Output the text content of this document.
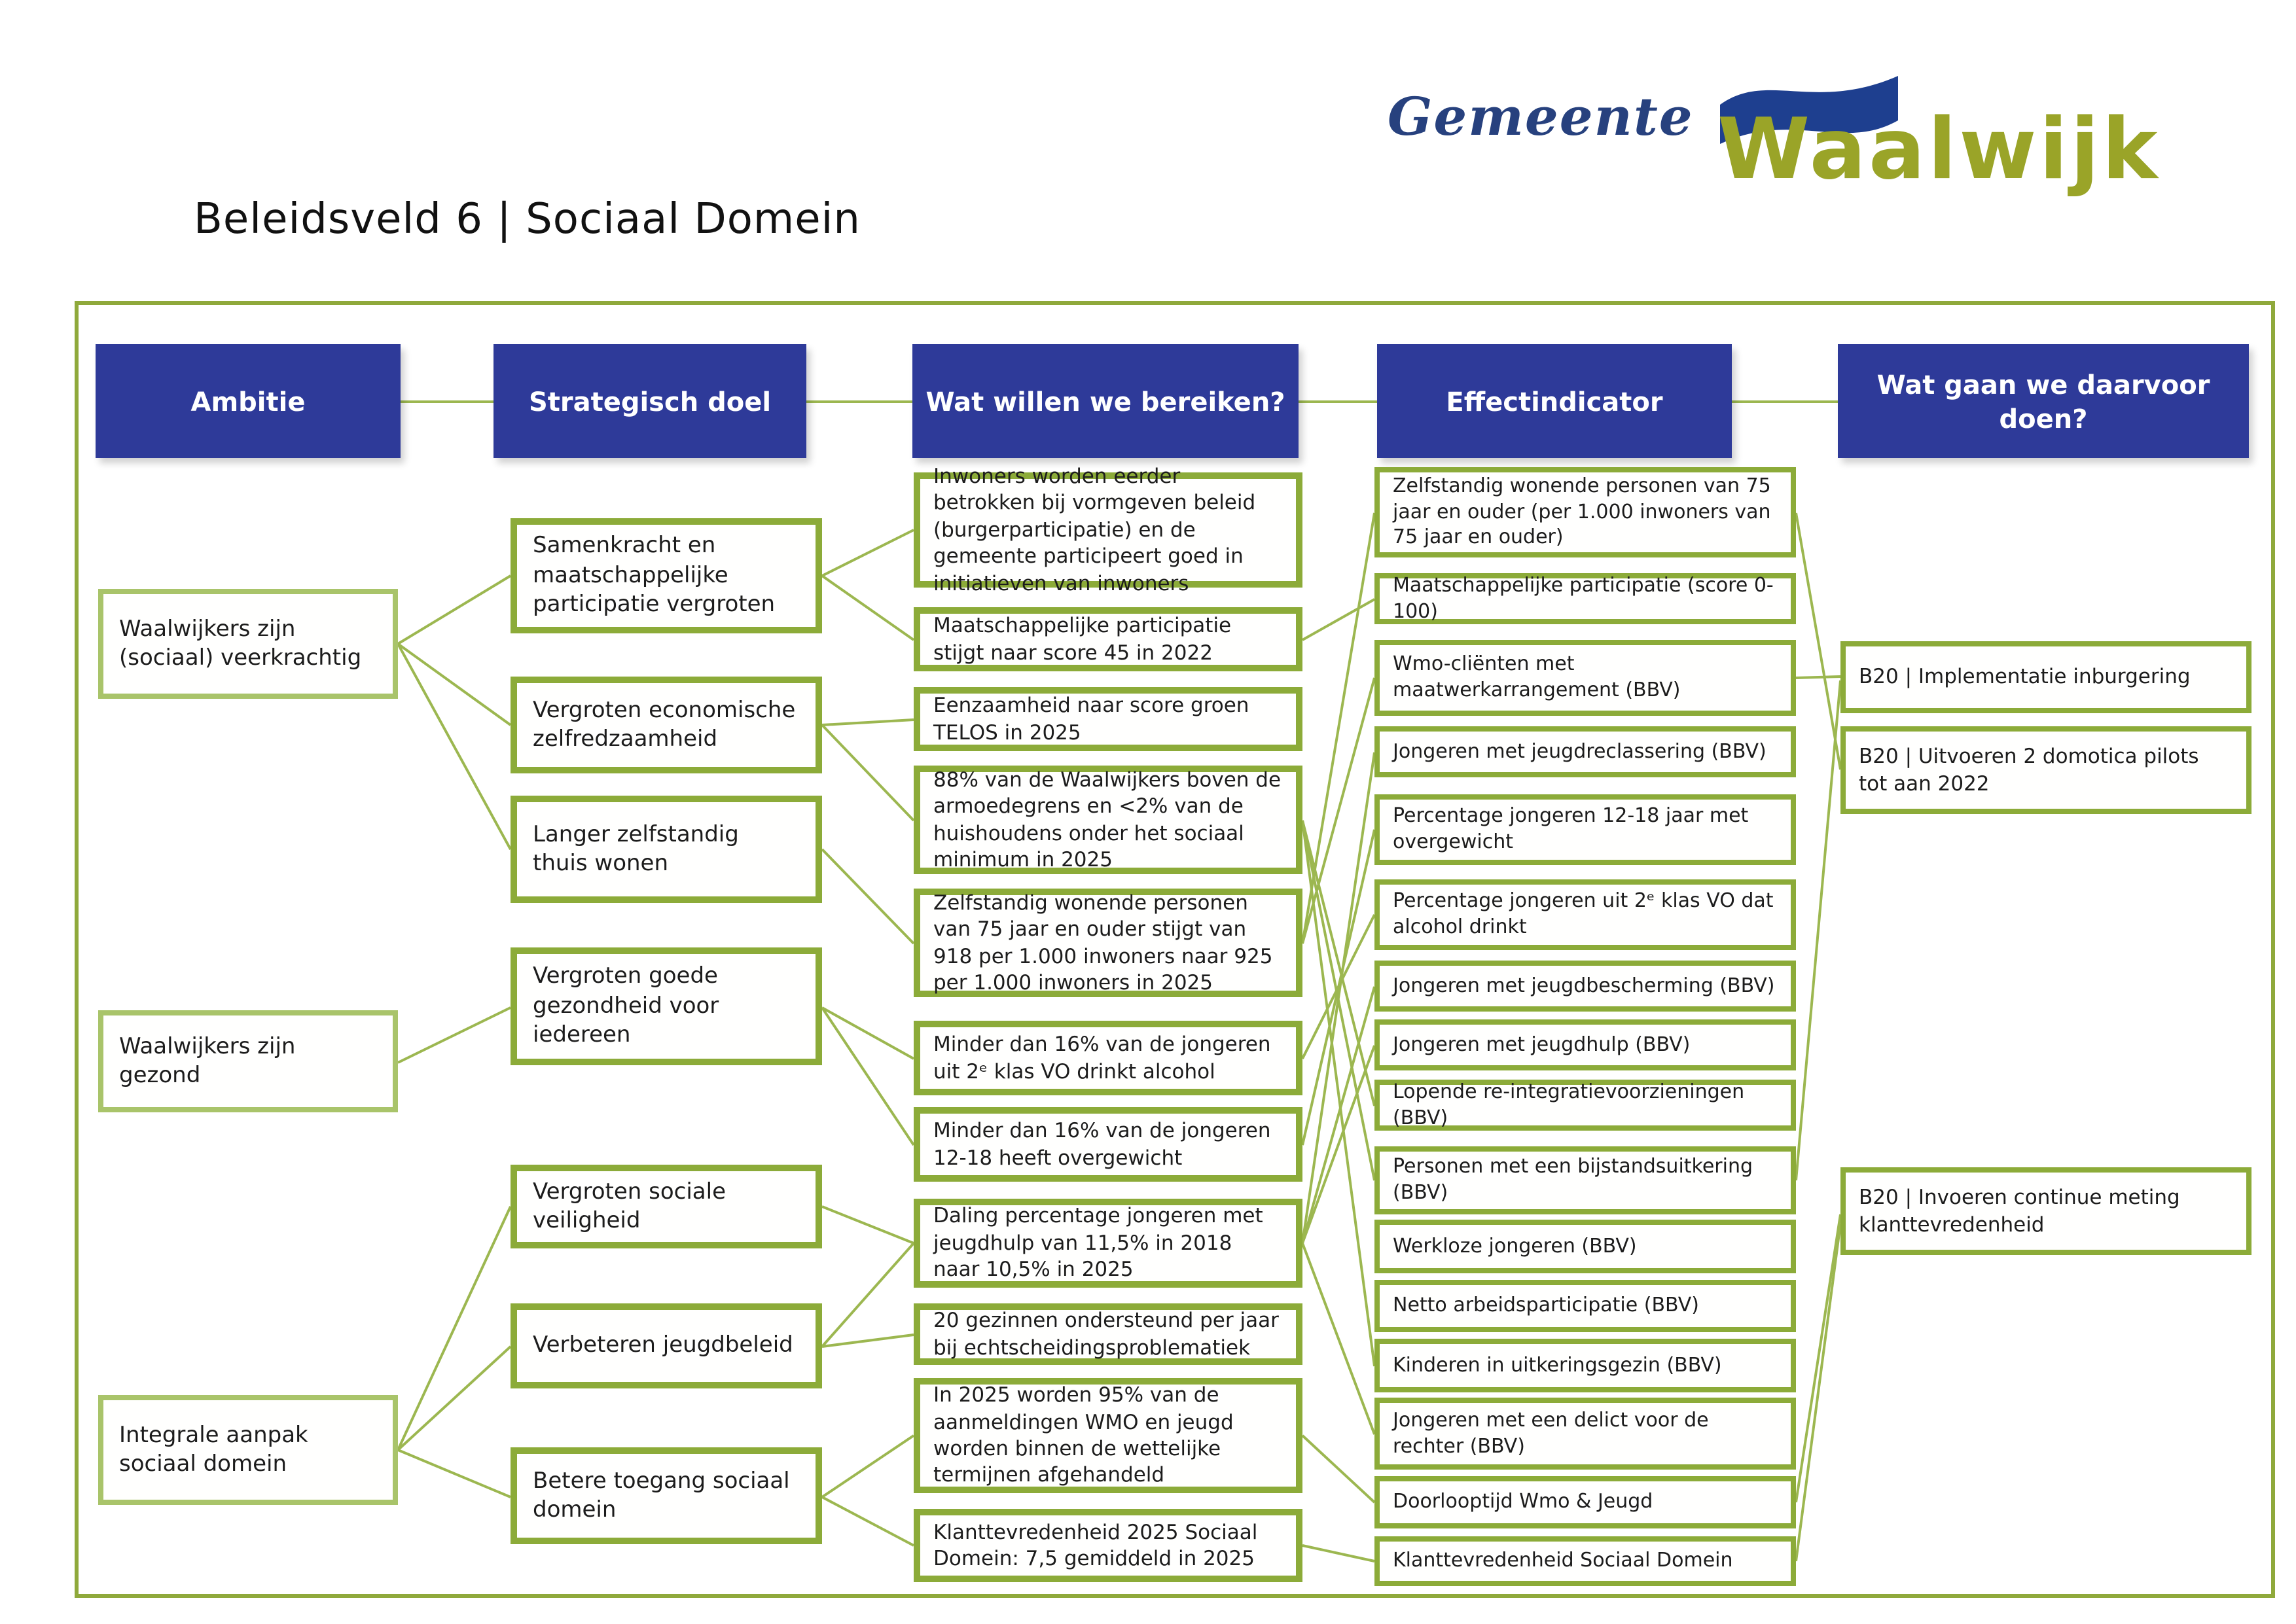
Beleidsveld 6 | Sociaal Domein
Gemeente Waalwijk
Ambitie	Strategisch doel	Wat willen we bereiken?	Effectindicator
Wat gaan we daarvoor doen?
Waalwijkers zijn (sociaal) veerkrachtig
Waalwijkers zijn gezond
Integrale aanpak sociaal domein
Samenkracht en maatschappelijke participatie vergroten
Vergroten economische zelfredzaamheid
Langer zelfstandig thuis wonen
Vergroten goede gezondheid voor iedereen
Vergroten sociale veiligheid
Verbeteren jeugdbeleid
Betere toegang sociaal domein
Inwoners worden eerder betrokken bij vormgeven beleid (burgerparticipatie) en de gemeente participeert goed in initiatieven van inwoners
Maatschappelijke participatie stijgt naar score 45 in 2022
Eenzaamheid naar score groen TELOS in 2025
88% van de Waalwijkers boven de armoedegrens en <2% van de huishoudens onder het sociaal minimum in 2025
Zelfstandig wonende personen van 75 jaar en ouder stijgt van 918 per 1.000 inwoners naar 925 per 1.000 inwoners in 2025
Minder dan 16% van de jongeren uit 2ᵉ klas VO drinkt alcohol
Minder dan 16% van de jongeren 12-18 heeft overgewicht
Daling percentage jongeren met jeugdhulp van 11,5% in 2018 naar 10,5% in 2025
20 gezinnen ondersteund per jaar bij echtscheidingsproblematiek
In 2025 worden 95% van de aanmeldingen WMO en jeugd worden binnen de wettelijke termijnen afgehandeld
Klanttevredenheid 2025 Sociaal Domein: 7,5 gemiddeld in 2025
Zelfstandig wonende personen van 75 jaar en ouder (per 1.000 inwoners van 75 jaar en ouder)
Maatschappelijke participatie (score 0-100)
Wmo-cliënten met maatwerkarrangement (BBV)
Jongeren met jeugdreclassering (BBV)
Percentage jongeren 12-18 jaar met overgewicht
Percentage jongeren uit 2ᵉ klas VO dat alcohol drinkt
Jongeren met jeugdbescherming (BBV)
Jongeren met jeugdhulp (BBV)
Lopende re-integratievoorzieningen (BBV)
Personen met een bijstandsuitkering (BBV)
Werkloze jongeren (BBV)
Netto arbeidsparticipatie (BBV)
Kinderen in uitkeringsgezin (BBV)
Jongeren met een delict voor de rechter (BBV)
Doorlooptijd Wmo & Jeugd
Klanttevredenheid Sociaal Domein
B20 | Implementatie inburgering
B20 | Uitvoeren 2 domotica pilots tot aan 2022
B20 | Invoeren continue meting klanttevredenheid
